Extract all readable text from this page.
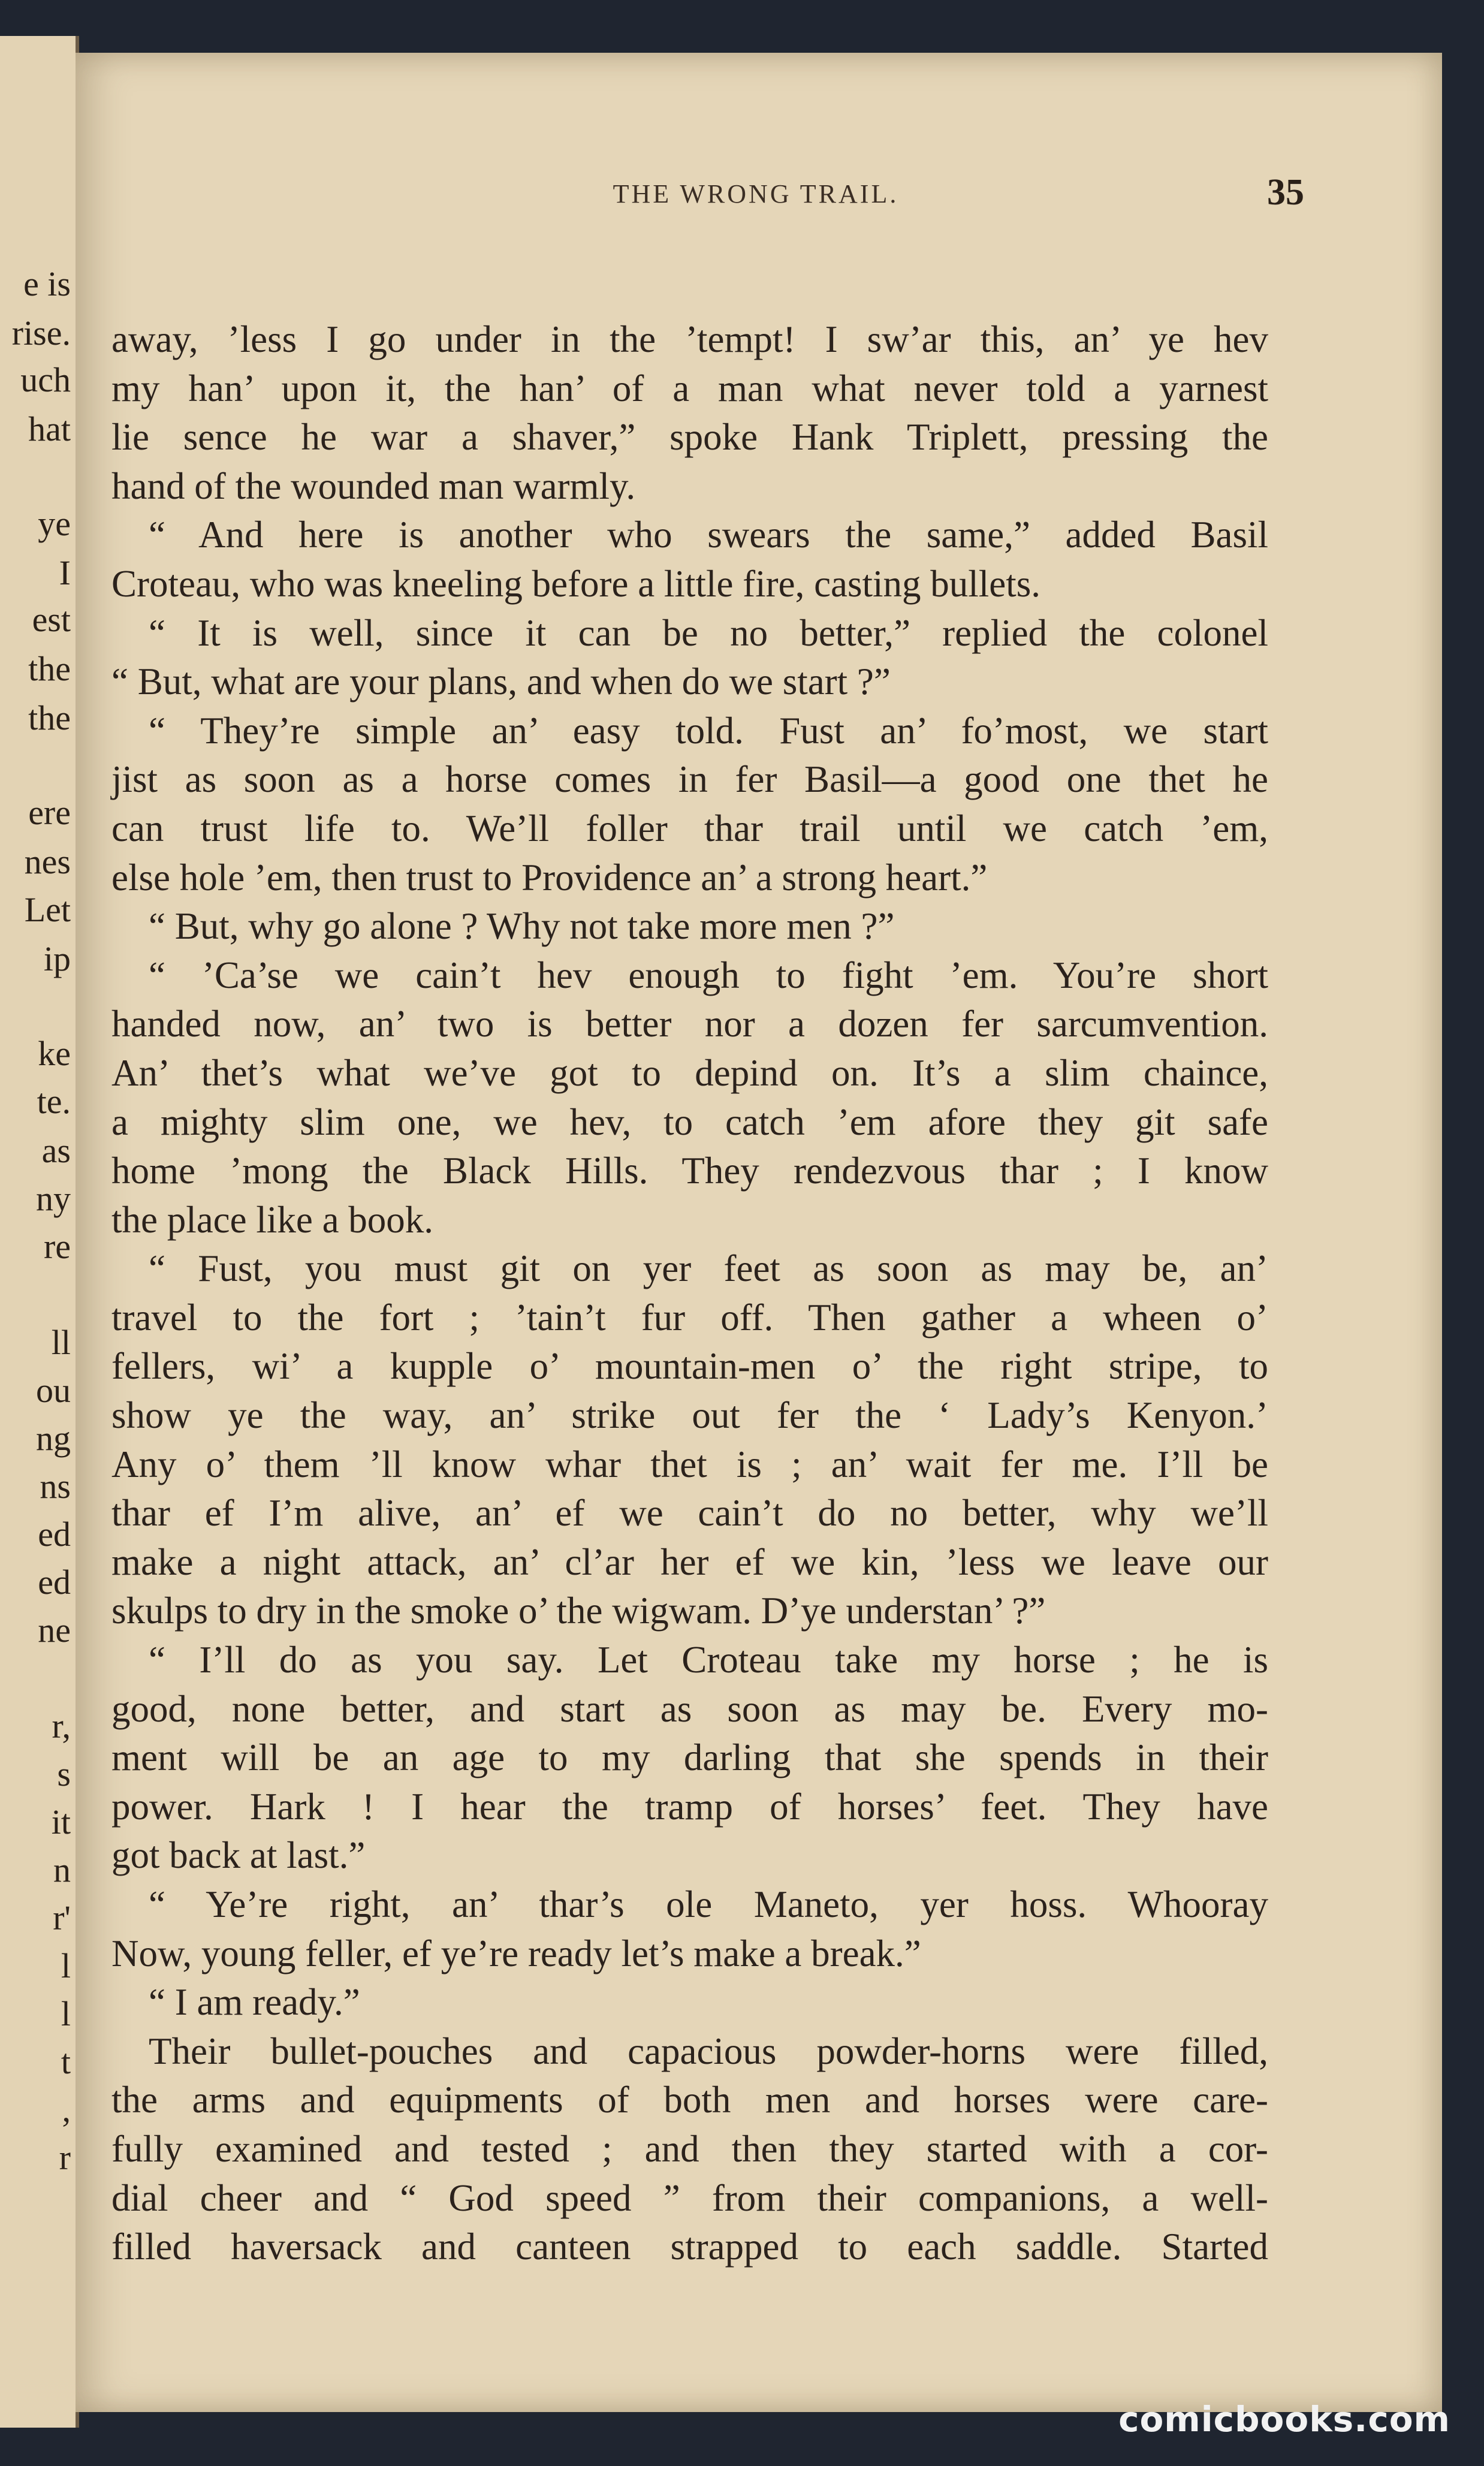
e is
rise.
uch
hat
ye
I
est
the
the
ere
nes
Let
ip
ke
te.
as
ny
re
ll
ou
ng
ns
ed
ed
ne
r,
s
it
n
r'
l
l
t
,
r
THE WRONG TRAIL.	35
away, ’less I go under in the ’tempt! I sw’ar this, an’ ye hev
my han’ upon it, the han’ of a man what never told a yarnest
lie sence he war a shaver,” spoke Hank Triplett, pressing the
hand of the wounded man warmly.
“ And here is another who swears the same,” added Basil
Croteau, who was kneeling before a little fire, casting bullets.
“ It is well, since it can be no better,” replied the colonel
“ But, what are your plans, and when do we start ?”
“ They’re simple an’ easy told. Fust an’ fo’most, we start
jist as soon as a horse comes in fer Basil—a good one thet he
can trust life to. We’ll foller thar trail until we catch ’em,
else hole ’em, then trust to Providence an’ a strong heart.”
“ But, why go alone ? Why not take more men ?”
“ ’Ca’se we cain’t hev enough to fight ’em. You’re short
handed now, an’ two is better nor a dozen fer sarcumvention.
An’ thet’s what we’ve got to depind on. It’s a slim chaince,
a mighty slim one, we hev, to catch ’em afore they git safe
home ’mong the Black Hills. They rendezvous thar ; I know
the place like a book.
“ Fust, you must git on yer feet as soon as may be, an’
travel to the fort ; ’tain’t fur off. Then gather a wheen o’
fellers, wi’ a kupple o’ mountain-men o’ the right stripe, to
show ye the way, an’ strike out fer the ‘ Lady’s Kenyon.’
Any o’ them ’ll know whar thet is ; an’ wait fer me. I’ll be
thar ef I’m alive, an’ ef we cain’t do no better, why we’ll
make a night attack, an’ cl’ar her ef we kin, ’less we leave our
skulps to dry in the smoke o’ the wigwam. D’ye understan’ ?”
“ I’ll do as you say. Let Croteau take my horse ; he is
good, none better, and start as soon as may be. Every mo-
ment will be an age to my darling that she spends in their
power. Hark ! I hear the tramp of horses’ feet. They have
got back at last.”
“ Ye’re right, an’ thar’s ole Maneto, yer hoss. Whooray
Now, young feller, ef ye’re ready let’s make a break.”
“ I am ready.”
Their bullet-pouches and capacious powder-horns were filled,
the arms and equipments of both men and horses were care-
fully examined and tested ; and then they started with a cor-
dial cheer and “ God speed ” from their companions, a well-
filled haversack and canteen strapped to each saddle. Started
comicbooks.com
